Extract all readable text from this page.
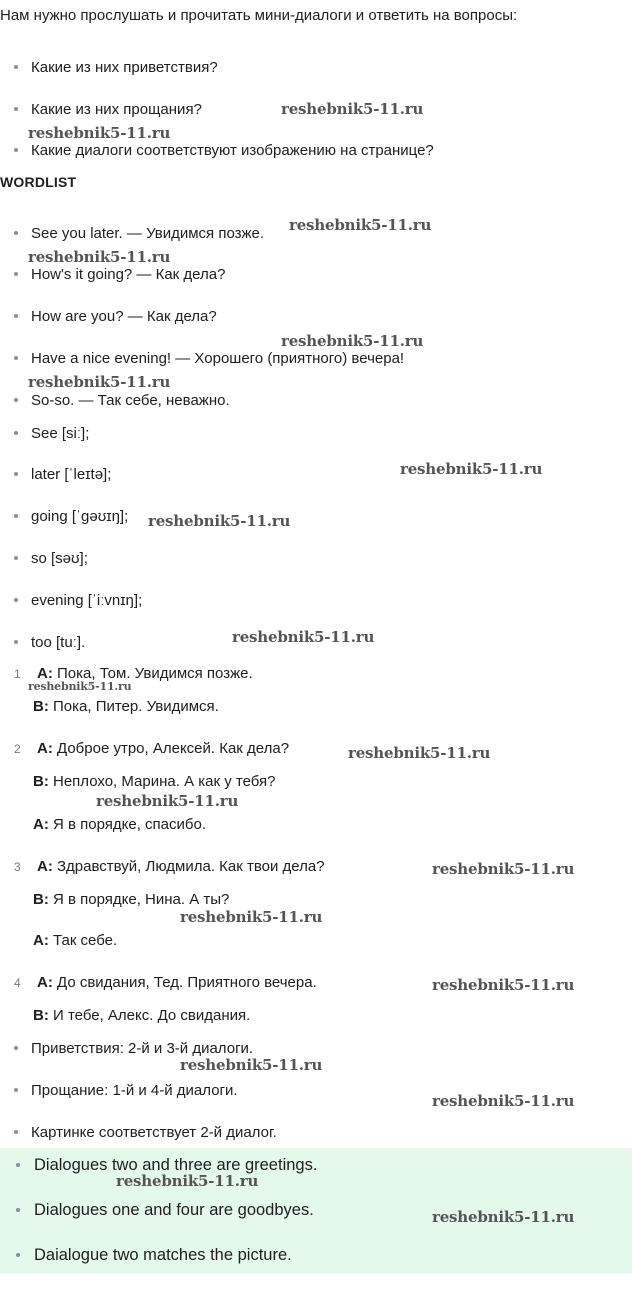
Нам нужно прослушать и прочитать мини-диалоги и ответить на вопросы:
Какие из них приветствия?
Какие из них прощания?
Какие диалоги соответствуют изображению на странице?
WORDLIST
See you later. — Увидимся позже.
How's it going? — Как дела?
How are you? — Как дела?
Have a nice evening! — Хорошего (приятного) вечера!
So-so. — Так себе, неважно.
See [siː];
later [ˈleɪtə];
going [ˈɡəʊɪŋ];
so [səʊ];
evening [ˈiːvnɪŋ];
too [tuː].
1 A: Пока, Том. Увидимся позже.
B: Пока, Питер. Увидимся.
2 A: Доброе утро, Алексей. Как дела?
B: Неплохо, Марина. А как у тебя?
A: Я в порядке, спасибо.
3 A: Здравствуй, Людмила. Как твои дела?
B: Я в порядке, Нина. А ты?
A: Так себе.
4 A: До свидания, Тед. Приятного вечера.
B: И тебе, Алекс. До свидания.
Приветствия: 2-й и 3-й диалоги.
Прощание: 1-й и 4-й диалоги.
Картинке соответствует 2-й диалог.
Dialogues two and three are greetings.
Dialogues one and four are goodbyes.
Daialogue two matches the picture.
reshebnik5-11.ru
reshebnik5-11.ru
reshebnik5-11.ru
reshebnik5-11.ru
reshebnik5-11.ru
reshebnik5-11.ru
reshebnik5-11.ru
reshebnik5-11.ru
reshebnik5-11.ru
reshebnik5-11.ru
reshebnik5-11.ru
reshebnik5-11.ru
reshebnik5-11.ru
reshebnik5-11.ru
reshebnik5-11.ru
reshebnik5-11.ru
reshebnik5-11.ru
reshebnik5-11.ru
reshebnik5-11.ru
